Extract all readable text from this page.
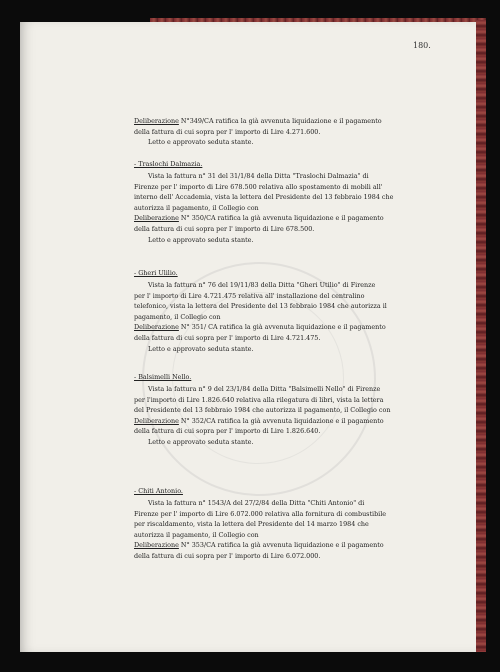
180.
Deliberazione N°349/CA ratifica la già avvenuta liquidazione e il pagamento
della fattura di cui sopra per l' importo di Lire 4.271.600.
Letto e approvato seduta stante.
- Traslochi Dalmazia.
Vista la fattura n° 31 del 31/1/84 della Ditta "Traslochi Dalmazia" di
Firenze per l' importo di Lire 678.500 relativa allo spostamento di mobili all'
interno dell' Accademia, vista la lettera del Presidente del 13 febbraio 1984 che
autorizza il pagamento, il Collegio con
Deliberazione N° 350/CA ratifica la già avvenuta liquidazione e il pagamento
della fattura di cui sopra per l' importo di Lire 678.500.
Letto e approvato seduta stante.
- Gheri Ulilio.
Vista la fattura n° 76 del 19/11/83 della Ditta "Gheri Utilio" di Firenze
per l' importo di Lire 4.721.475 relativa all' installazione del centralino
telefonico, vista la lettera del Presidente del 13 febbraio 1984 che autorizza il
pagamento, il Collegio con
Deliberazione N° 351/ CA ratifica la già avvenuta liquidazione e il pagamento
della fattura di cui sopra per l' importo di Lire 4.721.475.
Letto e approvato seduta stante.
- Balsimelli Nello.
Vista la fattura n° 9 del 23/1/84 della Ditta "Balsimelli Nello" di Firenze
per l'importo di Lire 1.826.640 relativa alla rilegatura di libri, vista la lettera
del Presidente del 13 febbraio 1984 che autorizza il pagamento, il Collegio con
Deliberazione N° 352/CA ratifica la già avvenuta liquidazione e il pagamento
della fattura di cui sopra per l' importo di Lire 1.826.640.
Letto e approvato seduta stante.
- Chiti Antonio.
Vista la fattura n° 1543/A del 27/2/84 della Ditta "Chiti Antonio" di
Firenze per l' importo di Lire 6.072.000 relativa alla fornitura di combustibile
per riscaldamento, vista la lettera del Presidente del 14 marzo 1984 che
autorizza il pagamento, il Collegio con
Deliberazione N° 353/CA ratifica la già avvenuta liquidazione e il pagamento
della fattura di cui sopra per l' importo di Lire 6.072.000.
